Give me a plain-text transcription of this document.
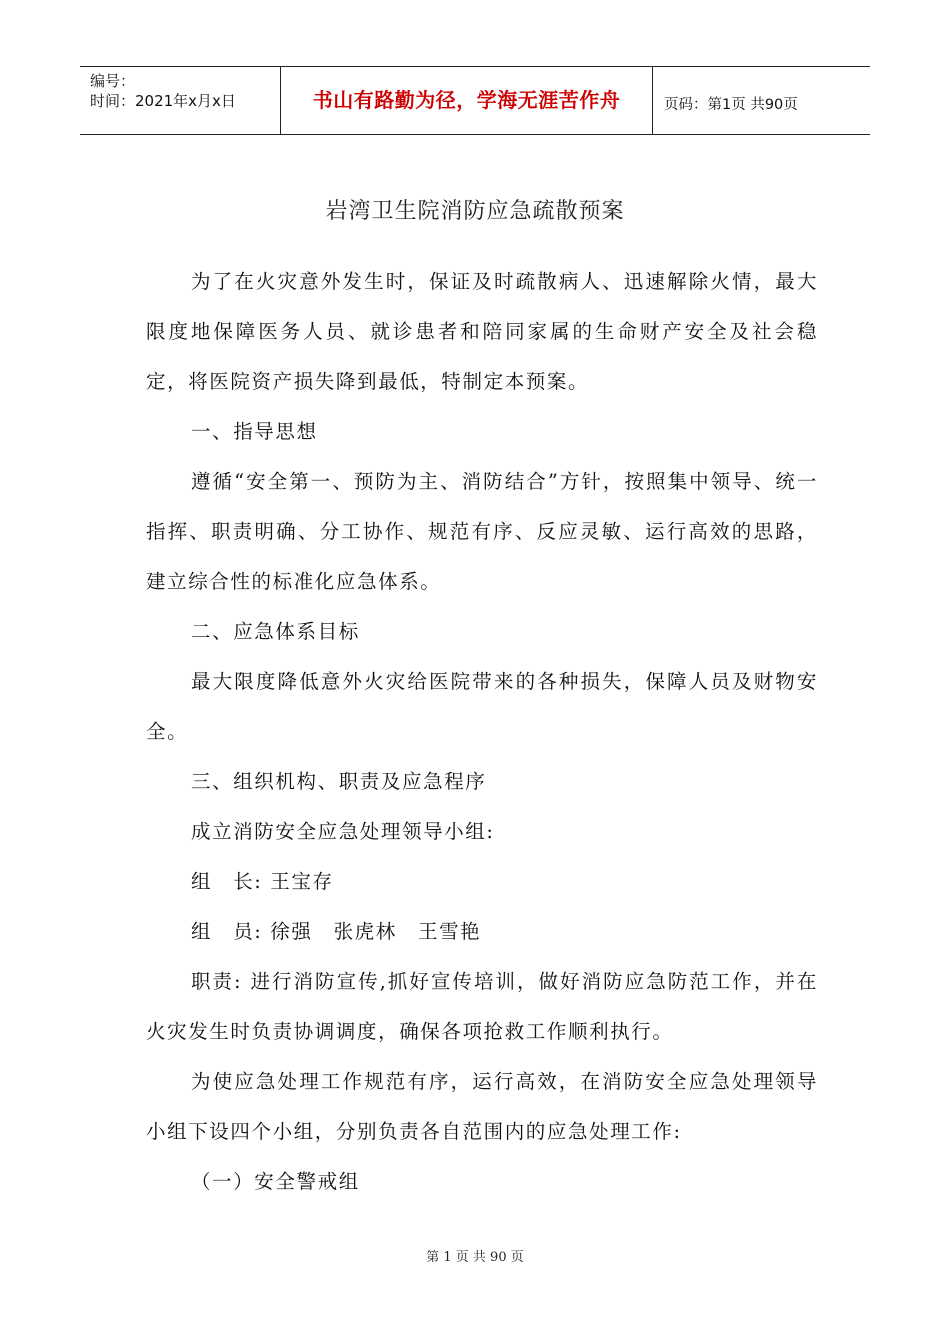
编号：
时间：2021年x月x日	书山有路勤为径，学海无涯苦作舟	页码：第1页 共90页
岩湾卫生院消防应急疏散预案

为了在火灾意外发生时，保证及时疏散病人、迅速解除火情，最大限度地保障医务人员、就诊患者和陪同家属的生命财产安全及社会稳定，将医院资产损失降到最低，特制定本预案。

一、指导思想

遵循“安全第一、预防为主、消防结合”方针，按照集中领导、统一指挥、职责明确、分工协作、规范有序、反应灵敏、运行高效的思路，建立综合性的标准化应急体系。

二、应急体系目标

最大限度降低意外火灾给医院带来的各种损失，保障人员及财物安全。

三、组织机构、职责及应急程序

成立消防安全应急处理领导小组:

组　长: 王宝存

组　员: 徐强　张虎林　王雪艳

职责: 进行消防宣传,抓好宣传培训，做好消防应急防范工作，并在火灾发生时负责协调调度，确保各项抢救工作顺利执行。

为使应急处理工作规范有序，运行高效，在消防安全应急处理领导小组下设四个小组，分别负责各自范围内的应急处理工作:

（一）安全警戒组

第 1 页 共 90 页
